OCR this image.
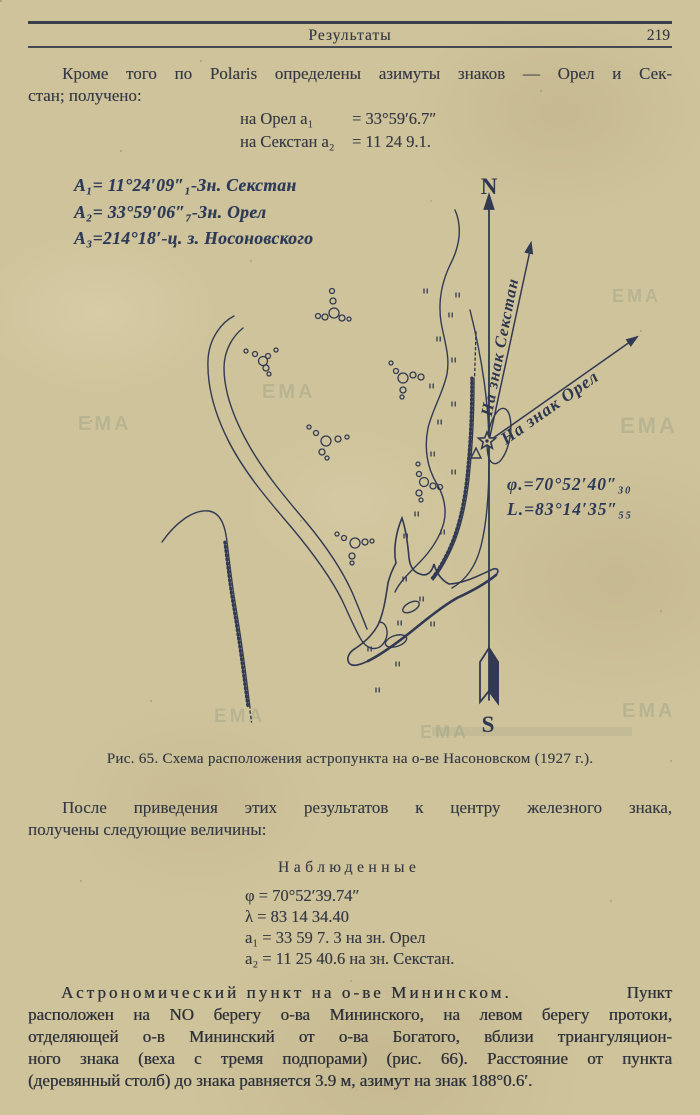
Результаты	219
Кроме того по Polaris определены азимуты знаков — Орел и Сек-
стан; получено:
на Орел a₁	= 33°59′6.7″
на Секстан a₂	= 11 24 9.1.
A₁= 11°24′09″₁-Зн. Секстан
A₂= 33°59′06″₇-Зн. Орел
A₃=214°18′-ц. з. Носоновского
ЕМА	ЕМА
ЕМА
ЕМА
ЕМА	ЕМА
ЕМА
N
S
На знак Секстан
На знак Орел
φ.=70°52′40″₃₀
L.=83°14′35″₅₅
Рис. 65. Схема расположения астропункта на о-ве Насоновском (1927 г.).
После приведения этих результатов к центру железного знака,
получены следующие величины:
Наблюденные
φ = 70°52′39.74″
λ = 83 14 34.40
a₁ = 33 59 7. 3 на зн. Орел
a₂ = 11 25 40.6 на зн. Секстан.
Астрономический пункт на о-ве Мининском.	Пункт
расположен на NO берегу о-ва Мининского, на левом берегу протоки,
отделяющей о-в Мининский от о-ва Богатого, вблизи триангуляцион-
ного знака (веха с тремя подпорами) (рис. 66). Расстояние от пункта
(деревянный столб) до знака равняется 3.9 м, азимут на знак 188°0.6′.
